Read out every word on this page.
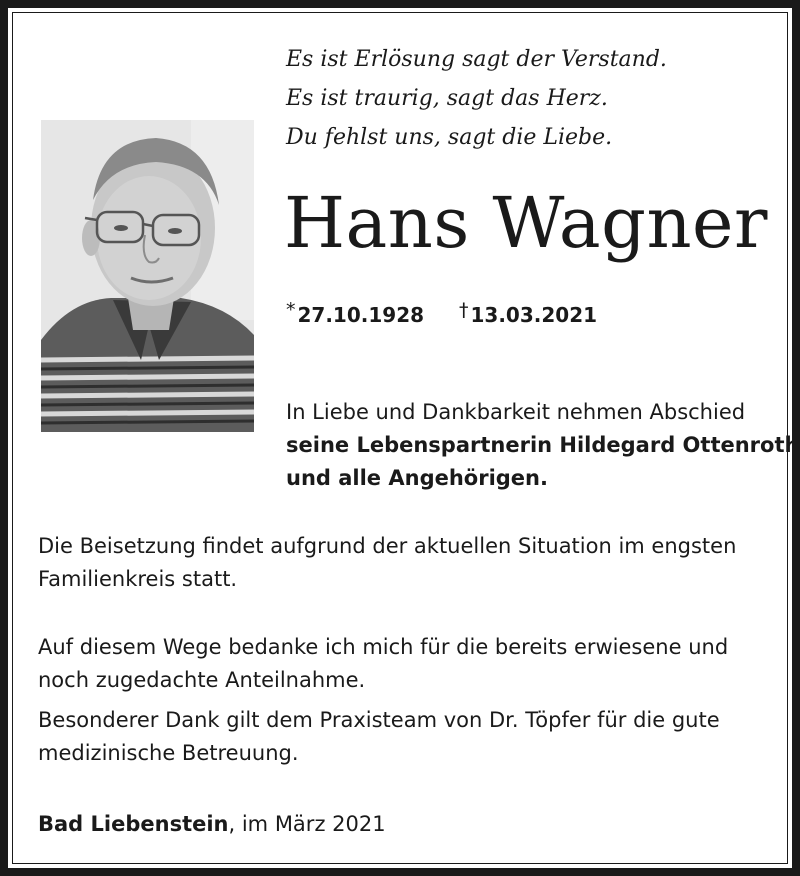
Es ist Erlösung sagt der Verstand.
Es ist traurig, sagt das Herz.
Du fehlst uns, sagt die Liebe.
Hans Wagner
* 27.10.1928 † 13.03.2021
In Liebe und Dankbarkeit nehmen Abschied
seine Lebenspartnerin Hildegard Ottenroth
und alle Angehörigen.
Die Beisetzung findet aufgrund der aktuellen Situation im engsten
Familienkreis statt.
Auf diesem Wege bedanke ich mich für die bereits erwiesene und
noch zugedachte Anteilnahme.
Besonderer Dank gilt dem Praxisteam von Dr. Töpfer für die gute
medizinische Betreuung.
Bad Liebenstein, im März 2021
